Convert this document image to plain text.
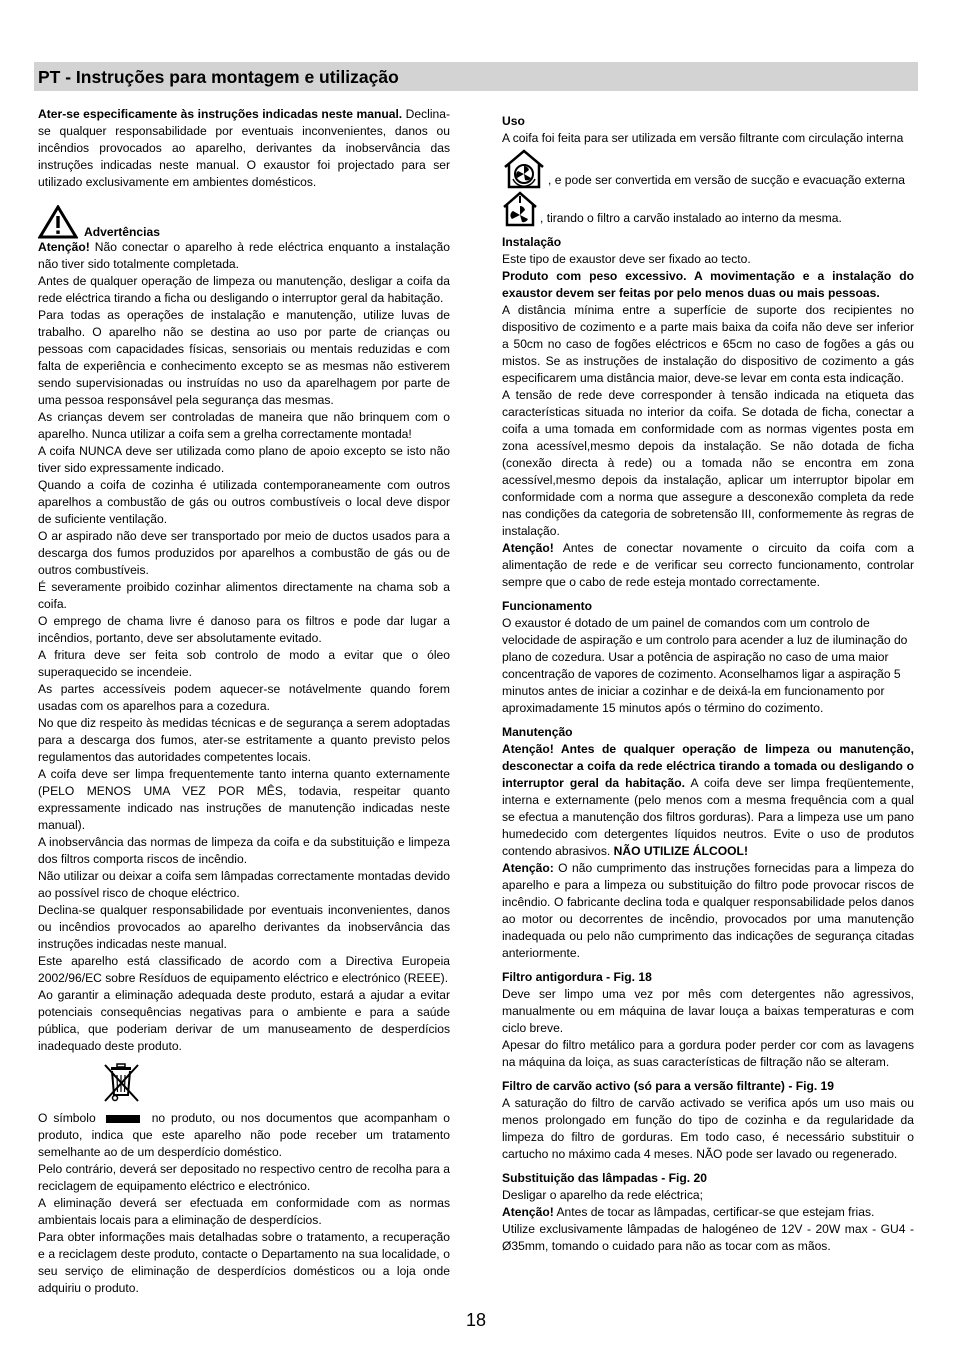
PT - Instruções para montagem e utilização

Ater-se especificamente às instruções indicadas neste manual. Declina-se qualquer responsabilidade por eventuais inconvenientes, danos ou incêndios provocados ao aparelho, derivantes da inobservância das instruções indicadas neste manual. O exaustor foi projectado para ser utilizado exclusivamente em ambientes domésticos.

Advertências

Atenção! Não conectar o aparelho à rede eléctrica enquanto a instalação não tiver sido totalmente completada.

Antes de qualquer operação de limpeza ou manutenção, desligar a coifa da rede eléctrica tirando a ficha ou desligando o interruptor geral da habitação.

Para todas as operações de instalação e manutenção, utilize luvas de trabalho. O aparelho não se destina ao uso por parte de crianças ou pessoas com capacidades físicas, sensoriais ou mentais reduzidas e com falta de experiência e conhecimento excepto se as mesmas não estiverem sendo supervisionadas ou instruídas no uso da aparelhagem por parte de uma pessoa responsável pela segurança das mesmas.

As crianças devem ser controladas de maneira que não brinquem com o aparelho. Nunca utilizar a coifa sem a grelha correctamente montada!

A coifa NUNCA deve ser utilizada como plano de apoio excepto se isto não tiver sido expressamente indicado.

Quando a coifa de cozinha é utilizada contemporaneamente com outros aparelhos a combustão de gás ou outros combustíveis o local deve dispor de suficiente ventilação.

O ar aspirado não deve ser transportado por meio de ductos usados para a descarga dos fumos produzidos por aparelhos a combustão de gás ou de outros combustíveis.

É severamente proibido cozinhar alimentos directamente na chama sob a coifa.

O emprego de chama livre é danoso para os filtros e pode dar lugar a incêndios, portanto, deve ser absolutamente evitado.

A fritura deve ser feita sob controlo de modo a evitar que o óleo superaquecido se incendeie.

As partes accessíveis podem aquecer-se notávelmente quando forem usadas com os aparelhos para a cozedura.

No que diz respeito às medidas técnicas e de segurança a serem adoptadas para a descarga dos fumos, ater-se estritamente a quanto previsto pelos regulamentos das autoridades competentes locais.

A coifa deve ser limpa frequentemente tanto interna quanto externamente (PELO MENOS UMA VEZ POR MÊS, todavia, respeitar quanto expressamente indicado nas instruções de manutenção indicadas neste manual).

A inobservância das normas de limpeza da coifa e da substituição e limpeza dos filtros comporta riscos de incêndio.

Não utilizar ou deixar a coifa sem lâmpadas correctamente montadas devido ao possível risco de choque eléctrico.

Declina-se qualquer responsabilidade por eventuais inconvenientes, danos ou incêndios provocados ao aparelho derivantes da inobservância das instruções indicadas neste manual.

Este aparelho está classificado de acordo com a Directiva Europeia 2002/96/EC sobre Resíduos de equipamento eléctrico e electrónico (REEE).

Ao garantir a eliminação adequada deste produto, estará a ajudar a evitar potenciais consequências negativas para o ambiente e para a saúde pública, que poderiam derivar de um manuseamento de desperdícios inadequado deste produto.

O símbolo	no produto, ou nos documentos que acompanham o produto, indica que este aparelho não pode receber um tratamento semelhante ao de um desperdício doméstico.

Pelo contrário, deverá ser depositado no respectivo centro de recolha para a reciclagem de equipamento eléctrico e electrónico.

A eliminação deverá ser efectuada em conformidade com as normas ambientais locais para a eliminação de desperdícios.

Para obter informações mais detalhadas sobre o tratamento, a recuperação e a reciclagem deste produto, contacte o Departamento na sua localidade, o seu serviço de eliminação de desperdícios domésticos ou a loja onde adquiriu o produto.

Uso

A coifa foi feita para ser utilizada em versão filtrante com circulação interna

, e pode ser convertida em versão de sucção e evacuação externa
, tirando o filtro a carvão instalado ao interno da mesma.

Instalação

Este tipo de exaustor deve ser fixado ao tecto.

Produto com peso excessivo. A movimentação e a instalação do exaustor devem ser feitas por pelo menos duas ou mais pessoas.

A distância mínima entre a superfície de suporte dos recipientes no dispositivo de cozimento e a parte mais baixa da coifa não deve ser inferior a 50cm no caso de fogões eléctricos e 65cm no caso de fogões a gás ou mistos. Se as instruções de instalação do dispositivo de cozimento a gás especificarem uma distância maior, deve-se levar em conta esta indicação.

A tensão de rede deve corresponder à tensão indicada na etiqueta das características situada no interior da coifa. Se dotada de ficha, conectar a coifa a uma tomada em conformidade com as normas vigentes posta em zona acessível,mesmo depois da instalação. Se não dotada de ficha (conexão directa à rede) ou a tomada não se encontra em zona acessível,mesmo depois da instalação, aplicar um interruptor bipolar em conformidade com a norma que assegure a desconexão completa da rede nas condições da categoria de sobretensão III, conformemente às regras de instalação.

Atenção! Antes de conectar novamente o circuito da coifa com a alimentação de rede e de verificar seu correcto funcionamento, controlar sempre que o cabo de rede esteja montado correctamente.

Funcionamento

O exaustor é dotado de um painel de comandos com um controlo de velocidade de aspiração e um controlo para acender a luz de iluminação do plano de cozedura. Usar a potência de aspiração no caso de uma maior concentração de vapores de cozimento. Aconselhamos ligar a aspiração 5 minutos antes de iniciar a cozinhar e de deixá-la em funcionamento por aproximadamente 15 minutos após o término do cozimento.

Manutenção

Atenção! Antes de qualquer operação de limpeza ou manutenção, desconectar a coifa da rede eléctrica tirando a tomada ou desligando o interruptor geral da habitação. A coifa deve ser limpa freqüentemente, interna e externamente (pelo menos com a mesma frequência com a qual se efectua a manutenção dos filtros gorduras). Para a limpeza use um pano humedecido com detergentes líquidos neutros. Evite o uso de produtos contendo abrasivos. NÃO UTILIZE ÁLCOOL!

Atenção: O não cumprimento das instruções fornecidas para a limpeza do aparelho e para a limpeza ou substituição do filtro pode provocar riscos de incêndio. O fabricante declina toda e qualquer responsabilidade pelos danos ao motor ou decorrentes de incêndio, provocados por uma manutenção inadequada ou pelo não cumprimento das indicações de segurança citadas anteriormente.

Filtro antigordura - Fig. 18

Deve ser limpo uma vez por mês com detergentes não agressivos, manualmente ou em máquina de lavar louça a baixas temperaturas e com ciclo breve.

Apesar do filtro metálico para a gordura poder perder cor com as lavagens na máquina da loiça, as suas características de filtração não se alteram.

Filtro de carvão activo (só para a versão filtrante) - Fig. 19

A saturação do filtro de carvão activado se verifica após um uso mais ou menos prolongado em função do tipo de cozinha e da regularidade da limpeza do filtro de gorduras. Em todo caso, é necessário substituir o cartucho no máximo cada 4 meses. NÃO pode ser lavado ou regenerado.

Substituição das lâmpadas - Fig. 20

Desligar o aparelho da rede eléctrica;

Atenção! Antes de tocar as lâmpadas, certificar-se que estejam frias.

Utilize exclusivamente lâmpadas de halogéneo de 12V - 20W max - GU4 - Ø35mm, tomando o cuidado para não as tocar com as mãos.

18
